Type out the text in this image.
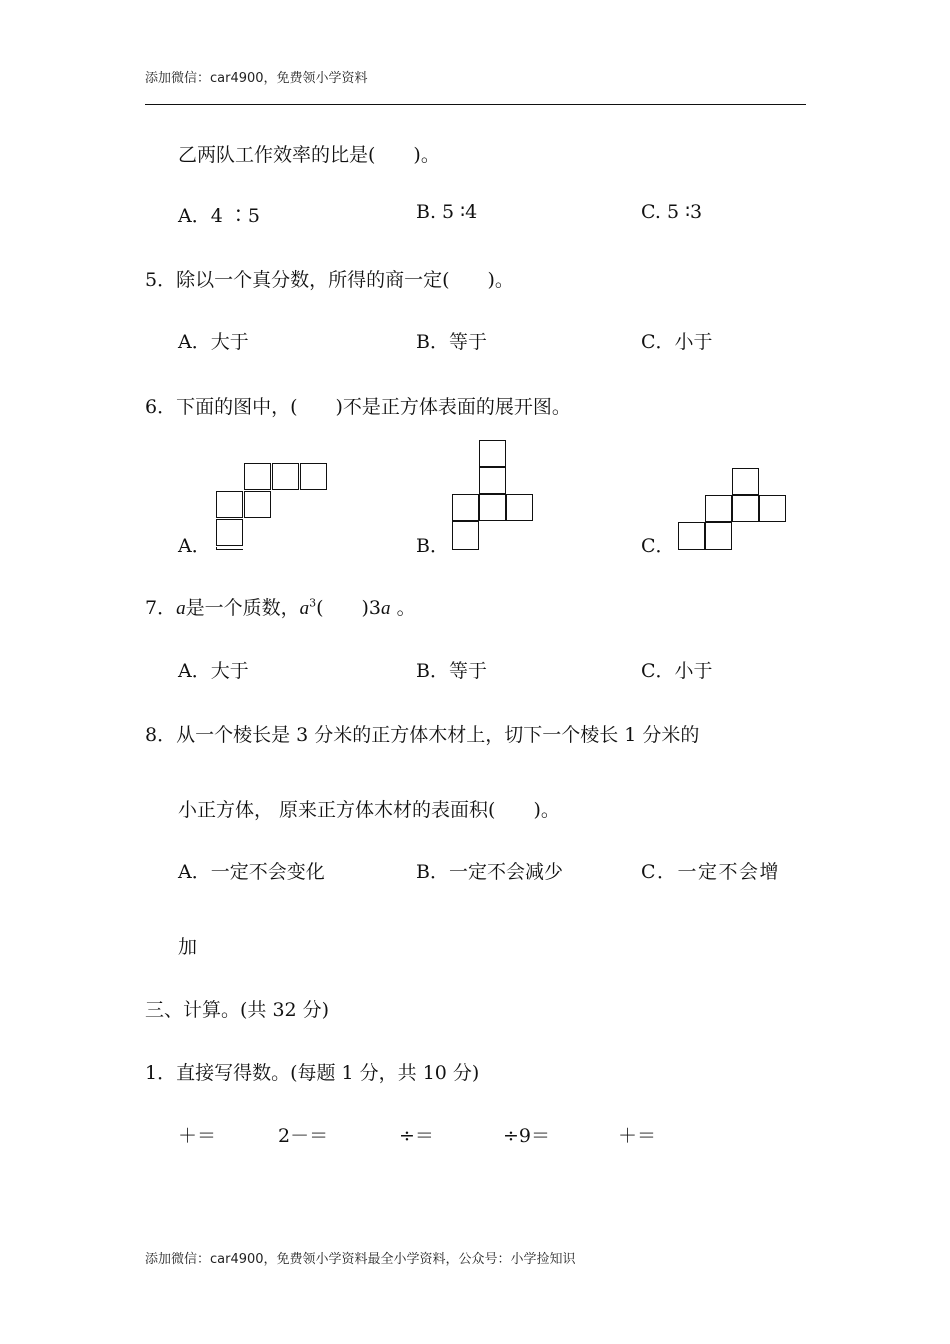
添加微信：car4900，免费领小学资料
乙两队工作效率的比是(　　)。
A．4 ∶5	B. 5 ∶4	C. 5 ∶3
5．除以一个真分数，所得的商一定(　　)。
A．大于	B．等于	C．小于
6．下面的图中，(　　)不是正方体表面的展开图。
A．	B．	C．
7．a是一个质数，$a^3$(　　)3a 。
A．大于	B．等于	C．小于
8．从一个棱长是 3 分米的正方体木材上，切下一个棱长 1 分米的
小正方体， 原来正方体木材的表面积(　　)。
A．一定不会变化	B．一定不会减少	C．一定不会增
加
三、计算。(共 32 分)
1．直接写得数。(每题 1 分，共 10 分)
＋＝	2－＝	÷＝	÷9＝	＋＝
添加微信：car4900，免费领小学资料最全小学资料，公众号：小学捡知识
